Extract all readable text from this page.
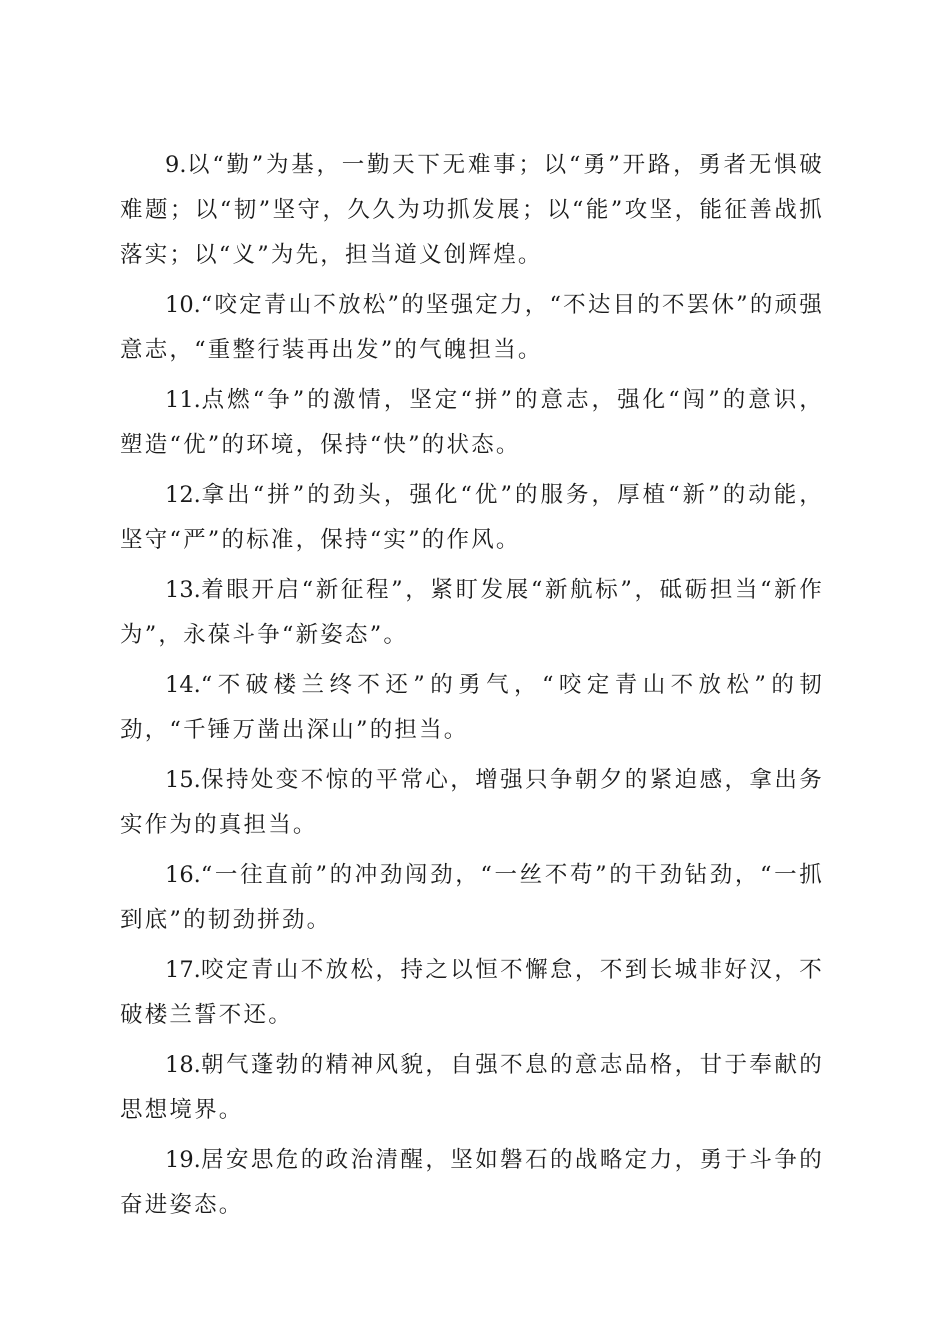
9.以“勤”为基，一勤天下无难事；以“勇”开路，勇者无惧破难题；以“韧”坚守，久久为功抓发展；以“能”攻坚，能征善战抓落实；以“义”为先，担当道义创辉煌。

10.“咬定青山不放松”的坚强定力，“不达目的不罢休”的顽强意志，“重整行装再出发”的气魄担当。

11.点燃“争”的激情，坚定“拼”的意志，强化“闯”的意识，塑造“优”的环境，保持“快”的状态。

12.拿出“拼”的劲头，强化“优”的服务，厚植“新”的动能，坚守“严”的标准，保持“实”的作风。

13.着眼开启“新征程”，紧盯发展“新航标”，砥砺担当“新作为”，永葆斗争“新姿态”。

14.“不破楼兰终不还”的勇气，“咬定青山不放松”的韧劲，“千锤万凿出深山”的担当。

15.保持处变不惊的平常心，增强只争朝夕的紧迫感，拿出务实作为的真担当。

16.“一往直前”的冲劲闯劲，“一丝不苟”的干劲钻劲，“一抓到底”的韧劲拼劲。

17.咬定青山不放松，持之以恒不懈怠，不到长城非好汉，不破楼兰誓不还。

18.朝气蓬勃的精神风貌，自强不息的意志品格，甘于奉献的思想境界。

19.居安思危的政治清醒，坚如磐石的战略定力，勇于斗争的奋进姿态。
